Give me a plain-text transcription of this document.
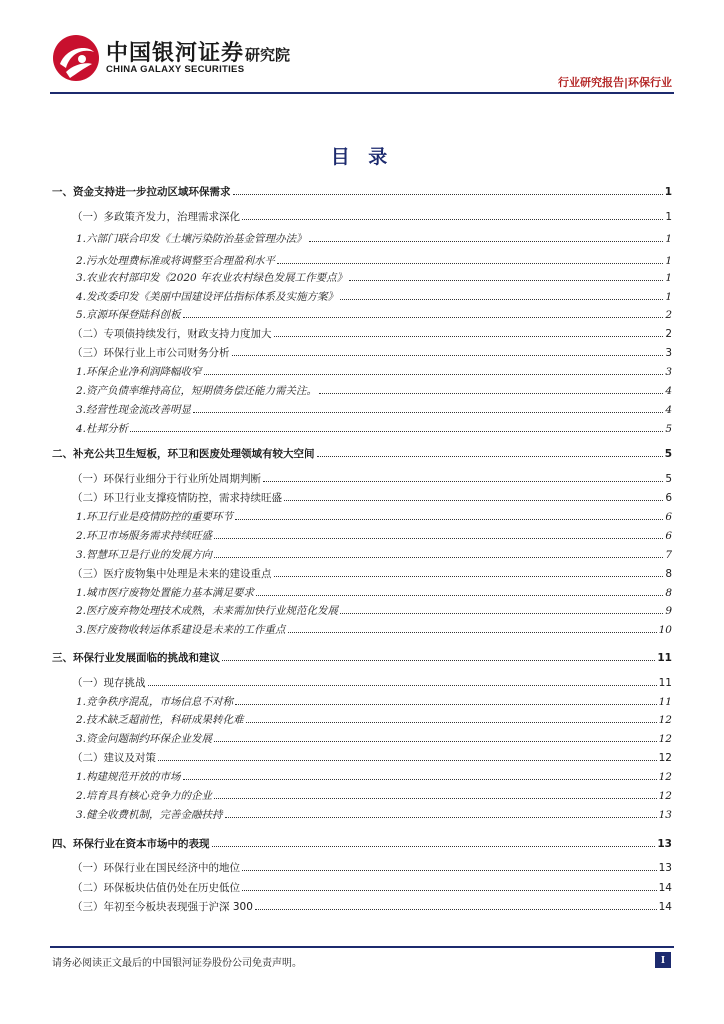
中国银河证券 研究院
CHINA GALAXY SECURITIES
行业研究报告|环保行业
目 录
一、资金支持进一步拉动区域环保需求	1
（一）多政策齐发力，治理需求深化	1
1.六部门联合印发《土壤污染防治基金管理办法》	1
2.污水处理费标准或将调整至合理盈利水平	1
3.农业农村部印发《2020 年农业农村绿色发展工作要点》	1
4.发改委印发《美丽中国建设评估指标体系及实施方案》	1
5.京源环保登陆科创板	2
（二）专项债持续发行，财政支持力度加大	2
（三）环保行业上市公司财务分析	3
1.环保企业净利润降幅收窄	3
2.资产负债率维持高位，短期债务偿还能力需关注。	4
3.经营性现金流改善明显	4
4.杜邦分析	5
二、补充公共卫生短板，环卫和医废处理领域有较大空间	5
（一）环保行业细分于行业所处周期判断	5
（二）环卫行业支撑疫情防控，需求持续旺盛	6
1.环卫行业是疫情防控的重要环节	6
2.环卫市场服务需求持续旺盛	6
3.智慧环卫是行业的发展方向	7
（三）医疗废物集中处理是未来的建设重点	8
1.城市医疗废物处置能力基本满足要求	8
2.医疗废弃物处理技术成熟，未来需加快行业规范化发展	9
3.医疗废物收转运体系建设是未来的工作重点	10
三、环保行业发展面临的挑战和建议	11
（一）现存挑战	11
1.竞争秩序混乱，市场信息不对称	11
2.技术缺乏超前性，科研成果转化难	12
3.资金问题制约环保企业发展	12
（二）建议及对策	12
1.构建规范开放的市场	12
2.培育具有核心竞争力的企业	12
3.健全收费机制，完善金融扶持	13
四、环保行业在资本市场中的表现	13
（一）环保行业在国民经济中的地位	13
（二）环保板块估值仍处在历史低位	14
（三）年初至今板块表现强于沪深 300	14
请务必阅读正文最后的中国银河证券股份公司免责声明。	I
